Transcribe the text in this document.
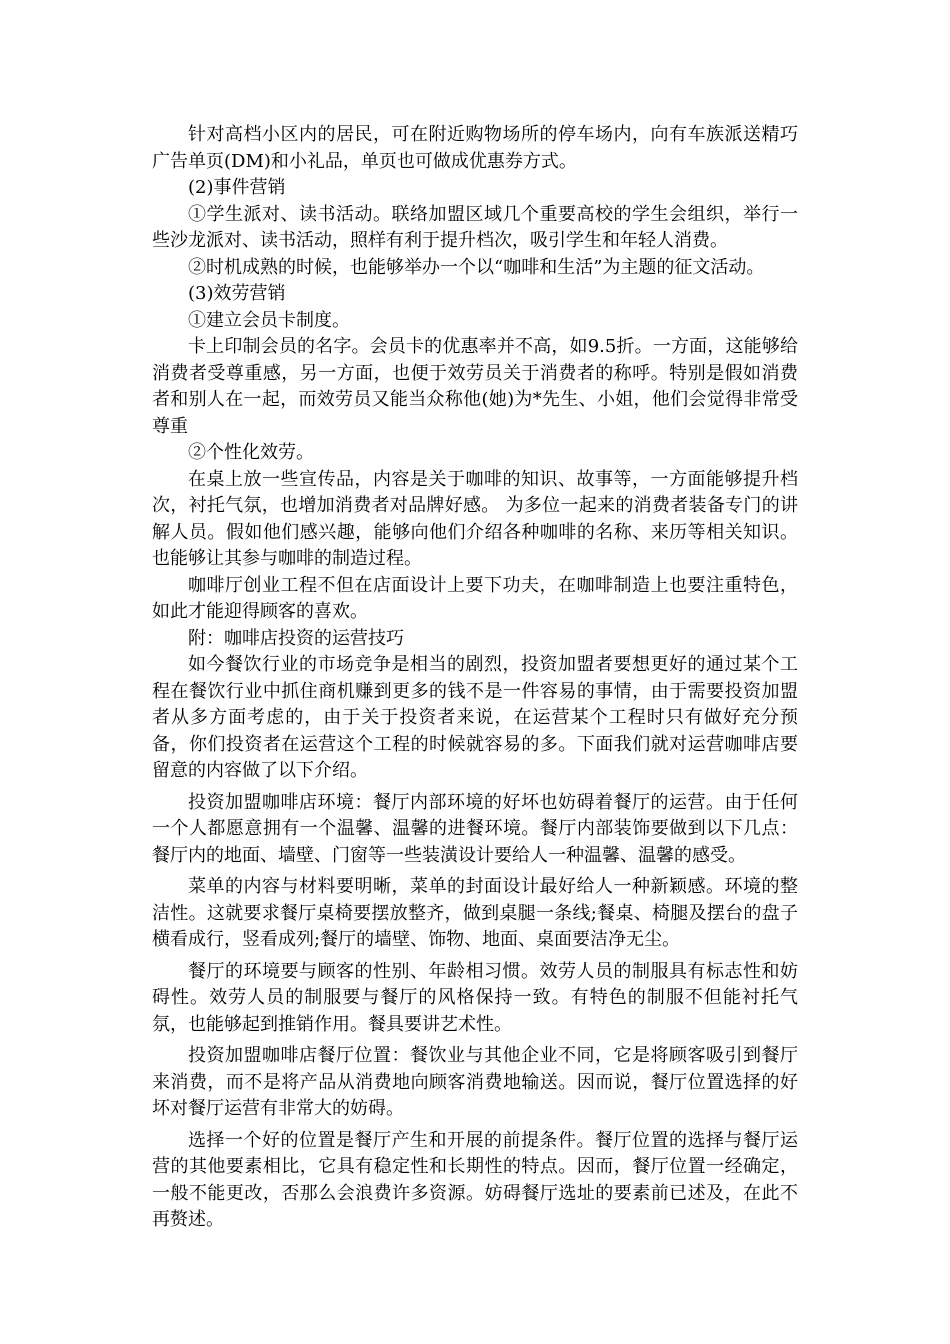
针对高档小区内的居民，可在附近购物场所的停车场内，向有车族派送精巧广告单页(DM)和小礼品，单页也可做成优惠券方式。

(2)事件营销

①学生派对、读书活动。联络加盟区域几个重要高校的学生会组织，举行一些沙龙派对、读书活动，照样有利于提升档次，吸引学生和年轻人消费。

②时机成熟的时候，也能够举办一个以“咖啡和生活”为主题的征文活动。

(3)效劳营销

①建立会员卡制度。

卡上印制会员的名字。会员卡的优惠率并不高，如9.5折。一方面，这能够给消费者受尊重感，另一方面，也便于效劳员关于消费者的称呼。特别是假如消费者和别人在一起，而效劳员又能当众称他(她)为*先生、小姐，他们会觉得非常受尊重

②个性化效劳。

在桌上放一些宣传品，内容是关于咖啡的知识、故事等，一方面能够提升档次，衬托气氛，也增加消费者对品牌好感。 为多位一起来的消费者装备专门的讲解人员。假如他们感兴趣，能够向他们介绍各种咖啡的名称、来历等相关知识。也能够让其参与咖啡的制造过程。

咖啡厅创业工程不但在店面设计上要下功夫，在咖啡制造上也要注重特色，如此才能迎得顾客的喜欢。

附：咖啡店投资的运营技巧

如今餐饮行业的市场竞争是相当的剧烈，投资加盟者要想更好的通过某个工程在餐饮行业中抓住商机赚到更多的钱不是一件容易的事情，由于需要投资加盟者从多方面考虑的，由于关于投资者来说，在运营某个工程时只有做好充分预备，你们投资者在运营这个工程的时候就容易的多。下面我们就对运营咖啡店要留意的内容做了以下介绍。

投资加盟咖啡店环境：餐厅内部环境的好坏也妨碍着餐厅的运营。由于任何一个人都愿意拥有一个温馨、温馨的进餐环境。餐厅内部装饰要做到以下几点：餐厅内的地面、墙壁、门窗等一些装潢设计要给人一种温馨、温馨的感受。

菜单的内容与材料要明晰，菜单的封面设计最好给人一种新颖感。环境的整洁性。这就要求餐厅桌椅要摆放整齐，做到桌腿一条线;餐桌、椅腿及摆台的盘子横看成行，竖看成列;餐厅的墙壁、饰物、地面、桌面要洁净无尘。

餐厅的环境要与顾客的性别、年龄相习惯。效劳人员的制服具有标志性和妨碍性。效劳人员的制服要与餐厅的风格保持一致。有特色的制服不但能衬托气氛，也能够起到推销作用。餐具要讲艺术性。

投资加盟咖啡店餐厅位置：餐饮业与其他企业不同，它是将顾客吸引到餐厅来消费，而不是将产品从消费地向顾客消费地输送。因而说，餐厅位置选择的好坏对餐厅运营有非常大的妨碍。

选择一个好的位置是餐厅产生和开展的前提条件。餐厅位置的选择与餐厅运营的其他要素相比，它具有稳定性和长期性的特点。因而，餐厅位置一经确定，一般不能更改，否那么会浪费许多资源。妨碍餐厅选址的要素前已述及，在此不再赘述。
